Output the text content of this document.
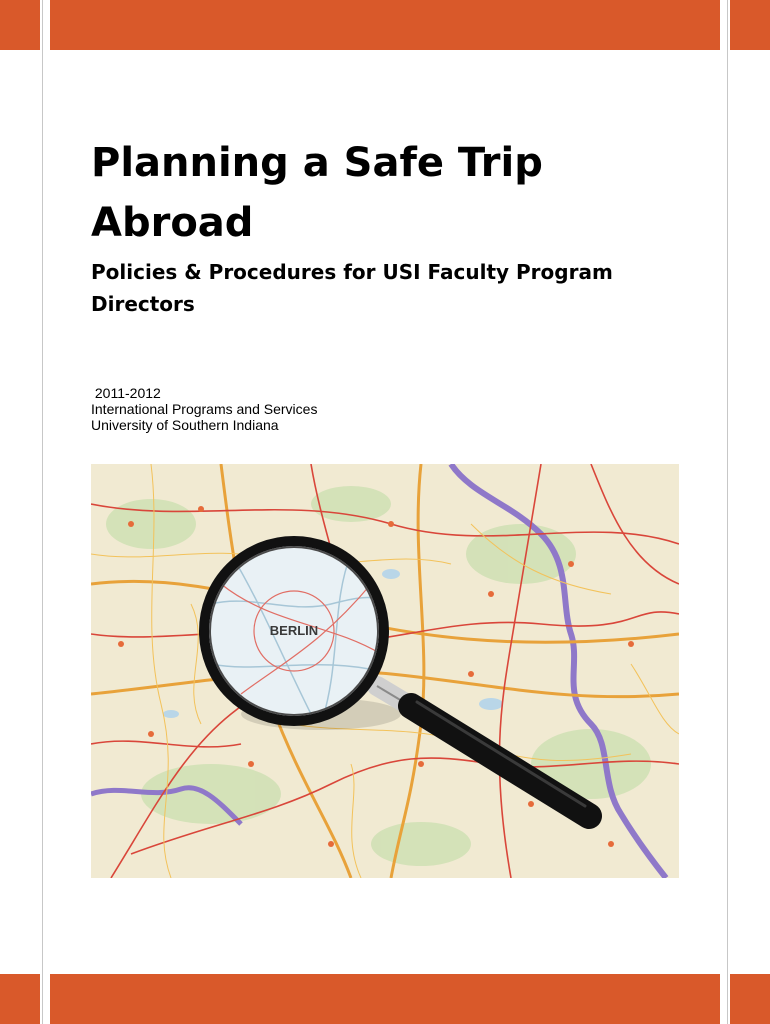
Planning a Safe Trip Abroad
Policies & Procedures for USI Faculty Program Directors
2011-2012
International Programs and Services
University of Southern Indiana
BERLIN
